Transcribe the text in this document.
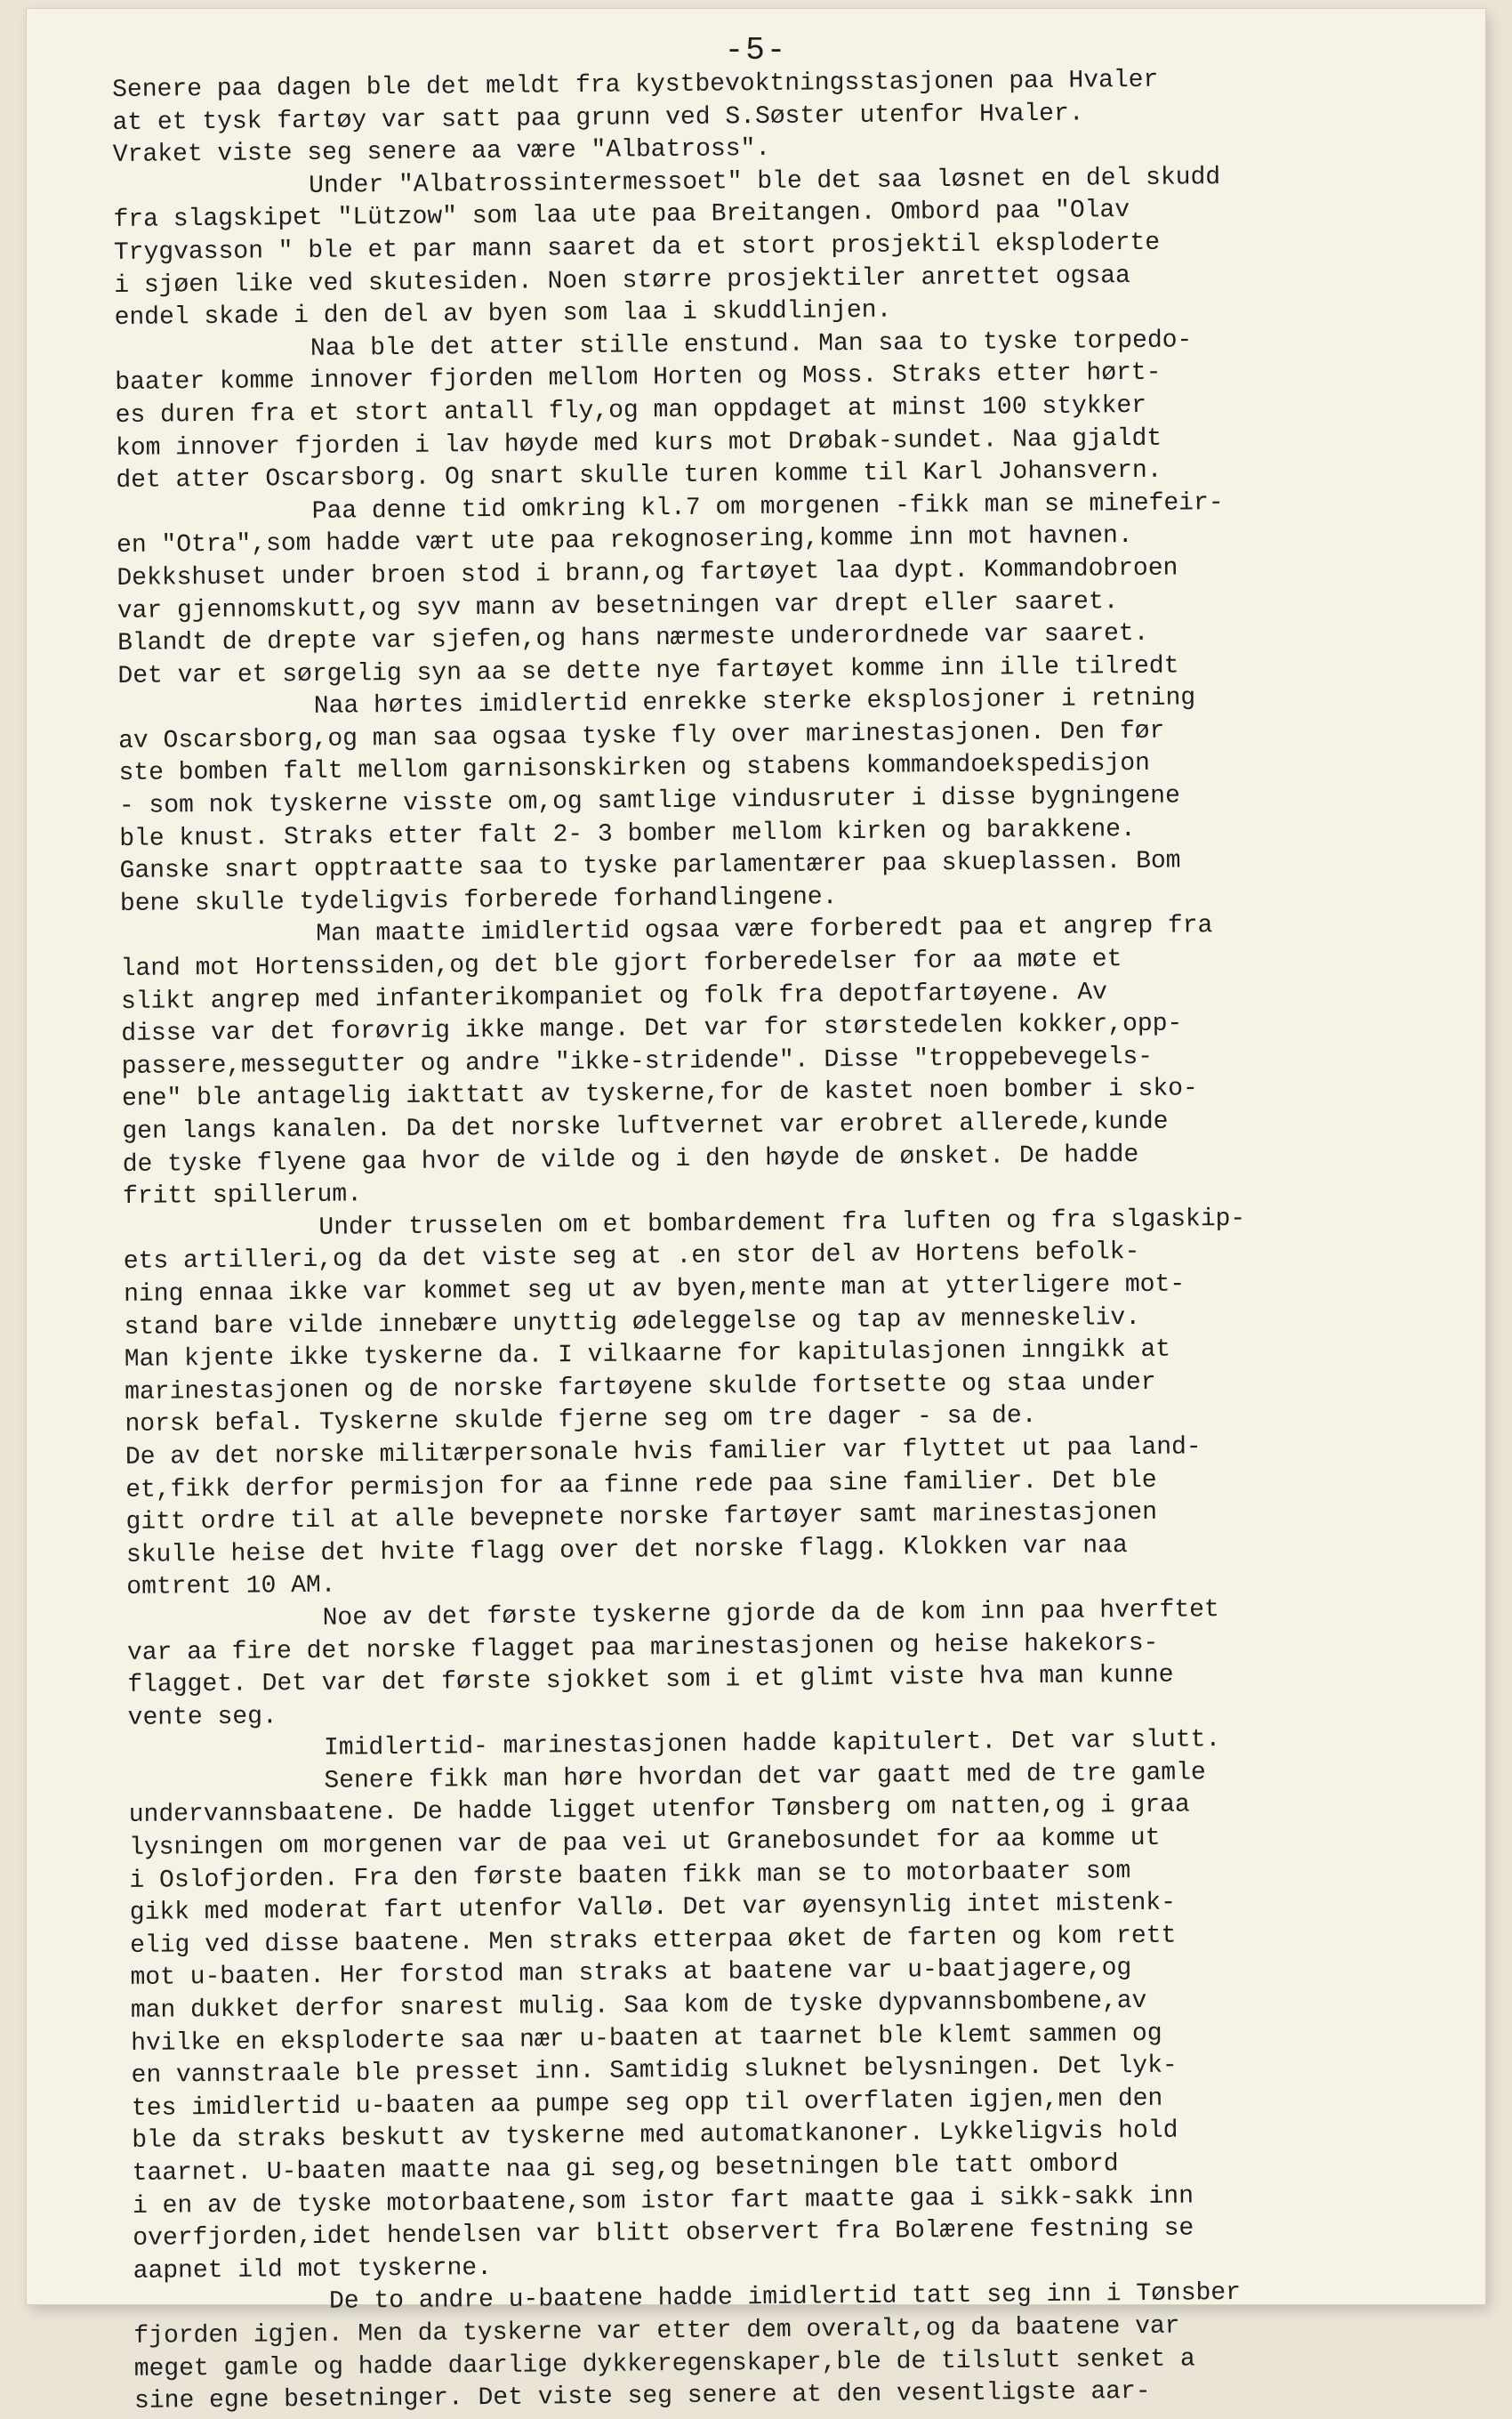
-5-
Senere paa dagen ble det meldt fra kystbevoktningsstasjonen paa Hvaler
at et tysk fartøy var satt paa grunn ved S.Søster utenfor Hvaler.
Vraket viste seg senere aa være "Albatross".
Under "Albatrossintermessoet" ble det saa løsnet en del skudd
fra slagskipet "Lützow" som laa ute paa Breitangen. Ombord paa "Olav
Trygvasson " ble et par mann saaret da et stort prosjektil eksploderte
i sjøen like ved skutesiden. Noen større prosjektiler anrettet ogsaa
endel skade i den del av byen som laa i skuddlinjen.
Naa ble det atter stille enstund. Man saa to tyske torpedo-
baater komme innover fjorden mellom Horten og Moss. Straks etter hørt-
es duren fra et stort antall fly,og man oppdaget at minst 100 stykker
kom innover fjorden i lav høyde med kurs mot Drøbak-sundet. Naa gjaldt
det atter Oscarsborg. Og snart skulle turen komme til Karl Johansvern.
Paa denne tid omkring kl.7 om morgenen -fikk man se minefeir-
en "Otra",som hadde vært ute paa rekognosering,komme inn mot havnen.
Dekkshuset under broen stod i brann,og fartøyet laa dypt. Kommandobroen
var gjennomskutt,og syv mann av besetningen var drept eller saaret.
Blandt de drepte var sjefen,og hans nærmeste underordnede var saaret.
Det var et sørgelig syn aa se dette nye fartøyet komme inn ille tilredt
Naa hørtes imidlertid enrekke sterke eksplosjoner i retning
av Oscarsborg,og man saa ogsaa tyske fly over marinestasjonen. Den før
ste bomben falt mellom garnisonskirken og stabens kommandoekspedisjon
- som nok tyskerne visste om,og samtlige vindusruter i disse bygningene
ble knust. Straks etter falt 2- 3 bomber mellom kirken og barakkene.
Ganske snart opptraatte saa to tyske parlamentærer paa skueplassen. Bom
bene skulle tydeligvis forberede forhandlingene.
Man maatte imidlertid ogsaa være forberedt paa et angrep fra
land mot Hortenssiden,og det ble gjort forberedelser for aa møte et
slikt angrep med infanterikompaniet og folk fra depotfartøyene. Av
disse var det forøvrig ikke mange. Det var for størstedelen kokker,opp-
passere,messegutter og andre "ikke-stridende". Disse "troppebevegels-
ene" ble antagelig iakttatt av tyskerne,for de kastet noen bomber i sko-
gen langs kanalen. Da det norske luftvernet var erobret allerede,kunde
de tyske flyene gaa hvor de vilde og i den høyde de ønsket. De hadde
fritt spillerum.
Under trusselen om et bombardement fra luften og fra slgaskip-
ets artilleri,og da det viste seg at .en stor del av Hortens befolk-
ning ennaa ikke var kommet seg ut av byen,mente man at ytterligere mot-
stand bare vilde innebære unyttig ødeleggelse og tap av menneskeliv.
Man kjente ikke tyskerne da. I vilkaarne for kapitulasjonen inngikk at
marinestasjonen og de norske fartøyene skulde fortsette og staa under
norsk befal. Tyskerne skulde fjerne seg om tre dager - sa de.
De av det norske militærpersonale hvis familier var flyttet ut paa land-
et,fikk derfor permisjon for aa finne rede paa sine familier. Det ble
gitt ordre til at alle bevepnete norske fartøyer samt marinestasjonen
skulle heise det hvite flagg over det norske flagg. Klokken var naa
omtrent 10 AM.
Noe av det første tyskerne gjorde da de kom inn paa hverftet
var aa fire det norske flagget paa marinestasjonen og heise hakekors-
flagget. Det var det første sjokket som i et glimt viste hva man kunne
vente seg.
Imidlertid- marinestasjonen hadde kapitulert. Det var slutt.
Senere fikk man høre hvordan det var gaatt med de tre gamle
undervannsbaatene. De hadde ligget utenfor Tønsberg om natten,og i graa
lysningen om morgenen var de paa vei ut Granebosundet for aa komme ut
i Oslofjorden. Fra den første baaten fikk man se to motorbaater som
gikk med moderat fart utenfor Vallø. Det var øyensynlig intet mistenk-
elig ved disse baatene. Men straks etterpaa øket de farten og kom rett
mot u-baaten. Her forstod man straks at baatene var u-baatjagere,og
man dukket derfor snarest mulig. Saa kom de tyske dypvannsbombene,av
hvilke en eksploderte saa nær u-baaten at taarnet ble klemt sammen og
en vannstraale ble presset inn. Samtidig sluknet belysningen. Det lyk-
tes imidlertid u-baaten aa pumpe seg opp til overflaten igjen,men den
ble da straks beskutt av tyskerne med automatkanoner. Lykkeligvis hold
taarnet. U-baaten maatte naa gi seg,og besetningen ble tatt ombord
i en av de tyske motorbaatene,som istor fart maatte gaa i sikk-sakk inn
overfjorden,idet hendelsen var blitt observert fra Bolærene festning se
aapnet ild mot tyskerne.
De to andre u-baatene hadde imidlertid tatt seg inn i Tønsber
fjorden igjen. Men da tyskerne var etter dem overalt,og da baatene var
meget gamle og hadde daarlige dykkeregenskaper,ble de tilslutt senket a
sine egne besetninger. Det viste seg senere at den vesentligste aar-
